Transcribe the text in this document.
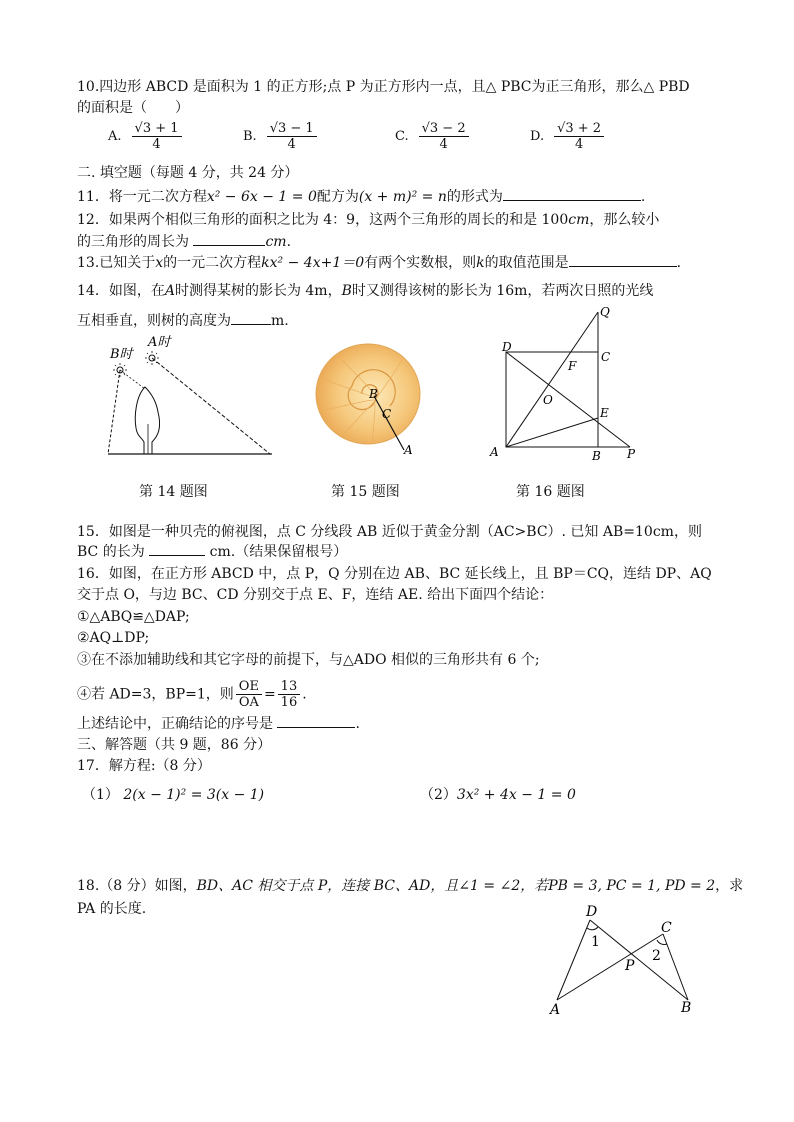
10.四边形 ABCD 是面积为 1 的正方形;点 P 为正方形内一点，且△ PBC为正三角形，那么△ PBD
的面积是（　　）
A. $\frac{√3 + 1}{4}$	B. $\frac{√3 - 1}{4}$	C. $\frac{√3 - 2}{4}$	D. $\frac{√3 + 2}{4}$
二. 填空题（每题 4 分，共 24 分）
11．将一元二次方程x² − 6x − 1 = 0配方为(x + m)² = n的形式为	.
12．如果两个相似三角形的面积之比为 4：9，这两个三角形的周长的和是 100cm，那么较小
的三角形的周长为	cm.
13.已知关于x的一元二次方程kx² − 4x+1＝0有两个实数根，则k的取值范围是	.
14．如图，在A时测得某树的影长为 4m，B时又测得该树的影长为 16m，若两次日照的光线
互相垂直，则树的高度为	m.
B时
A时
第 14 题图
B
C
A
第 15 题图
Q
D
C
F
O
E
A	B P
第 16 题图
15．如图是一种贝壳的俯视图，点 C 分线段 AB 近似于黄金分割（AC>BC）. 已知 AB=10cm，则
BC 的长为	cm.（结果保留根号）
16．如图，在正方形 ABCD 中，点 P，Q 分别在边 AB、BC 延长线上，且 BP＝CQ，连结 DP、AQ
交于点 O，与边 BC、CD 分别交于点 E、F，连结 AE. 给出下面四个结论：
①△ABQ≌△DAP;
②AQ⊥DP;
③在不添加辅助线和其它字母的前提下，与△ADO 相似的三角形共有 6 个;
④若 AD=3，BP=1，则 $\frac{OE}{OA} = \frac{13}{16}$ .
上述结论中，正确结论的序号是	.
三、解答题（共 9 题，86 分）
17．解方程:（8 分）
（1） 2(x − 1)² = 3(x − 1)	（2）3x² + 4x − 1 = 0
18.（8 分）如图，BD、AC 相交于点 P，连接 BC、AD，且∠1 = ∠2，若PB = 3, PC = 1, PD = 2，求
PA 的长度.	D
C
1
2
P
A	B
